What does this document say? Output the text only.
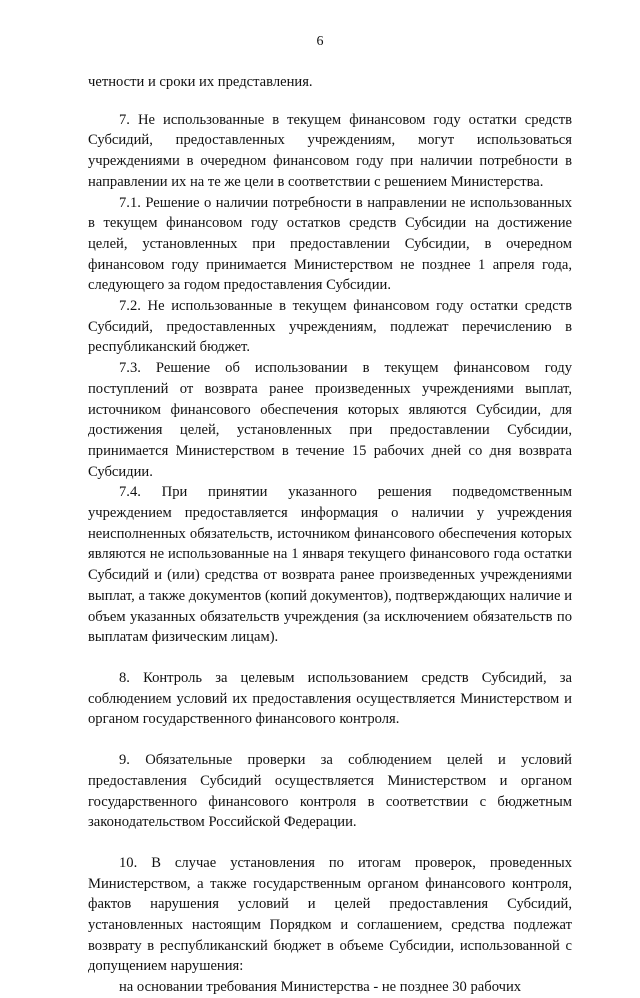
6

четности и сроки их представления.

7. Не использованные в текущем финансовом году остатки средств Субсидий, предоставленных учреждениям, могут использоваться учреждениями в очередном финансовом году при наличии потребности в направлении их на те же цели в соответствии с решением Министерства.

7.1. Решение о наличии потребности в направлении не использованных в текущем финансовом году остатков средств Субсидии на достижение целей, установленных при предоставлении Субсидии, в очередном финансовом году принимается Министерством не позднее 1 апреля года, следующего за годом предоставления Субсидии.

7.2. Не использованные в текущем финансовом году остатки средств Субсидий, предоставленных учреждениям, подлежат перечислению в республиканский бюджет.

7.3. Решение об использовании в текущем финансовом году поступлений от возврата ранее произведенных учреждениями выплат, источником финансового обеспечения которых являются Субсидии, для достижения целей, установленных при предоставлении Субсидии, принимается Министерством в течение 15 рабочих дней со дня возврата Субсидии.

7.4. При принятии указанного решения подведомственным учреждением предоставляется информация о наличии у учреждения неисполненных обязательств, источником финансового обеспечения которых являются не использованные на 1 января текущего финансового года остатки Субсидий и (или) средства от возврата ранее произведенных учреждениями выплат, а также документов (копий документов), подтверждающих наличие и объем указанных обязательств учреждения (за исключением обязательств по выплатам физическим лицам).

8. Контроль за целевым использованием средств Субсидий, за соблюдением условий их предоставления осуществляется Министерством и органом государственного финансового контроля.

9. Обязательные проверки за соблюдением целей и условий предоставления Субсидий осуществляется Министерством и органом государственного финансового контроля в соответствии с бюджетным законодательством Российской Федерации.

10. В случае установления по итогам проверок, проведенных Министерством, а также государственным органом финансового контроля, фактов нарушения условий и целей предоставления Субсидий, установленных настоящим Порядком и соглашением, средства подлежат возврату в республиканский бюджет в объеме Субсидии, использованной с допущением нарушения:

на основании требования Министерства - не позднее 30 рабочих
